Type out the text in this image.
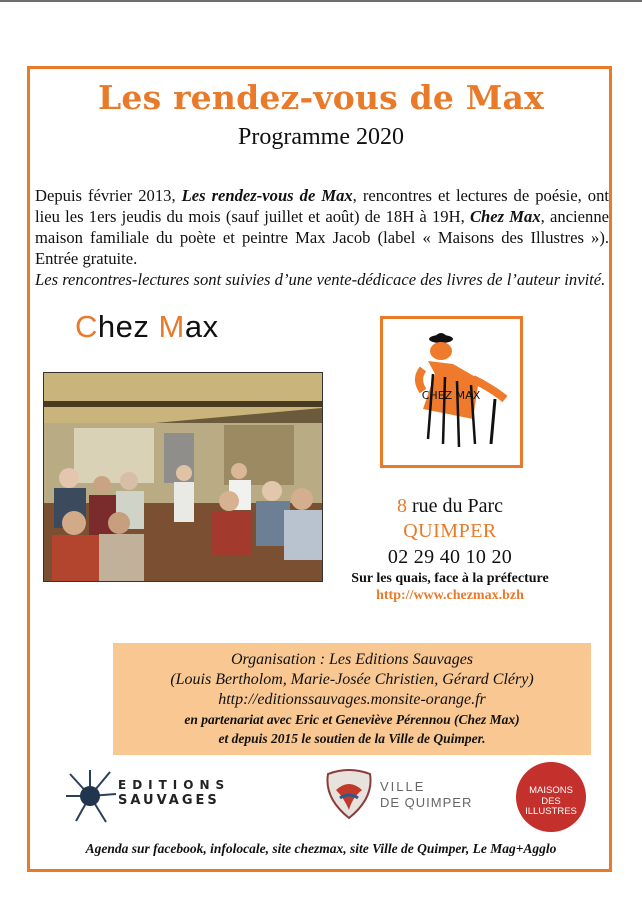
Les rendez-vous de Max
Programme 2020
Depuis février 2013, Les rendez-vous de Max, rencontres et lectures de poésie, ont lieu les 1ers jeudis du mois (sauf juillet et août) de 18H à 19H, Chez Max, ancienne maison familiale du poète et peintre Max Jacob (label « Maisons des Illustres »). Entrée gratuite.
Les rencontres-lectures sont suivies d’une vente-dédicace des livres de l’auteur invité.
Chez Max
CHEZ MAX
8 rue du Parc
QUIMPER
02 29 40 10 20
Sur les quais, face à la préfecture
http://www.chezmax.bzh
Organisation : Les Editions Sauvages
(Louis Bertholom, Marie-Josée Christien, Gérard Cléry)
http://editionssauvages.monsite-orange.fr
en partenariat avec Eric et Geneviève Pérennou (Chez Max)
et depuis 2015 le soutien de la Ville de Quimper.
EDITIONS
SAUVAGES
VILLE
DE QUIMPER
MAISONS
DES ILLUSTRES
Agenda sur facebook, infolocale, site chezmax, site Ville de Quimper, Le Mag+Agglo
